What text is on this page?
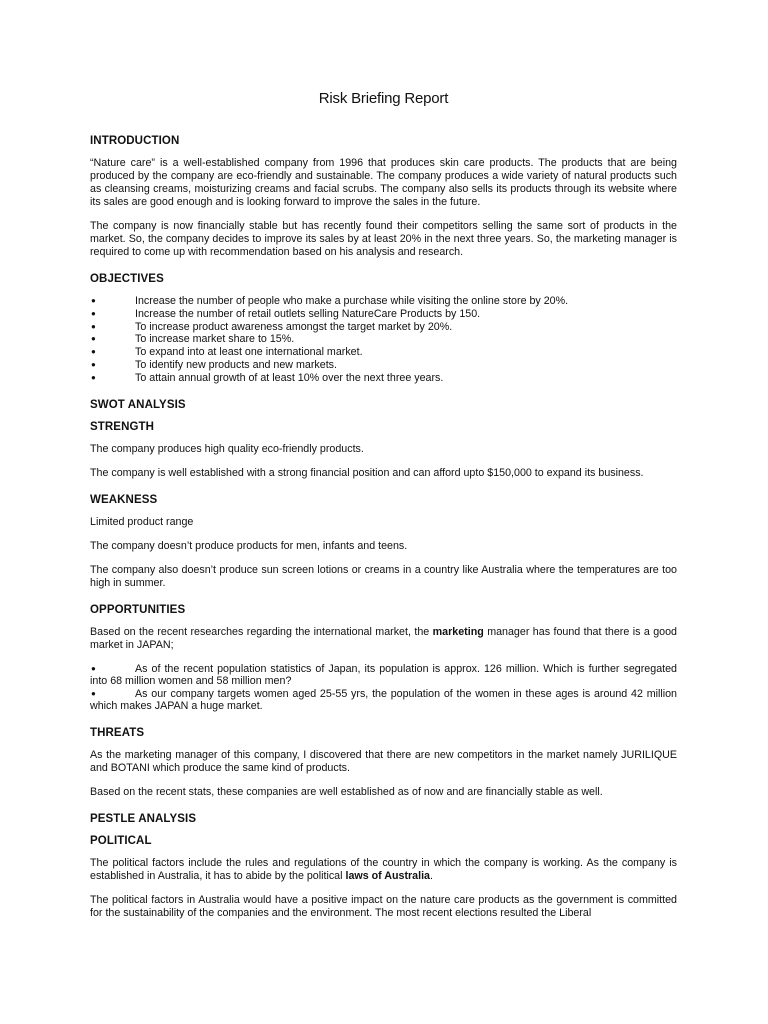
Risk Briefing Report
INTRODUCTION

“Nature care” is a well-established company from 1996 that produces skin care products. The products that are being produced by the company are eco-friendly and sustainable. The company produces a wide variety of natural products such as cleansing creams, moisturizing creams and facial scrubs. The company also sells its products through its website where its sales are good enough and is looking forward to improve the sales in the future.

The company is now financially stable but has recently found their competitors selling the same sort of products in the market. So, the company decides to improve its sales by at least 20% in the next three years. So, the marketing manager is required to come up with recommendation based on his analysis and research.

OBJECTIVES
●	Increase the number of people who make a purchase while visiting the online store by 20%.
●	Increase the number of retail outlets selling NatureCare Products by 150.
●	To increase product awareness amongst the target market by 20%.
●	To increase market share to 15%.
●	To expand into at least one international market.
●	To identify new products and new markets.
●	To attain annual growth of at least 10% over the next three years.
SWOT ANALYSIS
STRENGTH

The company produces high quality eco-friendly products.

The company is well established with a strong financial position and can afford upto $150,000 to expand its business.

WEAKNESS

Limited product range

The company doesn’t produce products for men, infants and teens.

The company also doesn’t produce sun screen lotions or creams in a country like Australia where the temperatures are too high in summer.

OPPORTUNITIES

Based on the recent researches regarding the international market, the marketing manager has found that there is a good market in JAPAN;

●	As of the recent population statistics of Japan, its population is approx. 126 million. Which is further segregated into 68 million women and 58 million men?
●	As our company targets women aged 25-55 yrs, the population of the women in these ages is around 42 million which makes JAPAN a huge market.
THREATS

As the marketing manager of this company, I discovered that there are new competitors in the market namely JURILIQUE and BOTANI which produce the same kind of products.

Based on the recent stats, these companies are well established as of now and are financially stable as well.

PESTLE ANALYSIS
POLITICAL

The political factors include the rules and regulations of the country in which the company is working. As the company is established in Australia, it has to abide by the political laws of Australia.

The political factors in Australia would have a positive impact on the nature care products as the government is committed for the sustainability of the companies and the environment. The most recent elections resulted the Liberal
